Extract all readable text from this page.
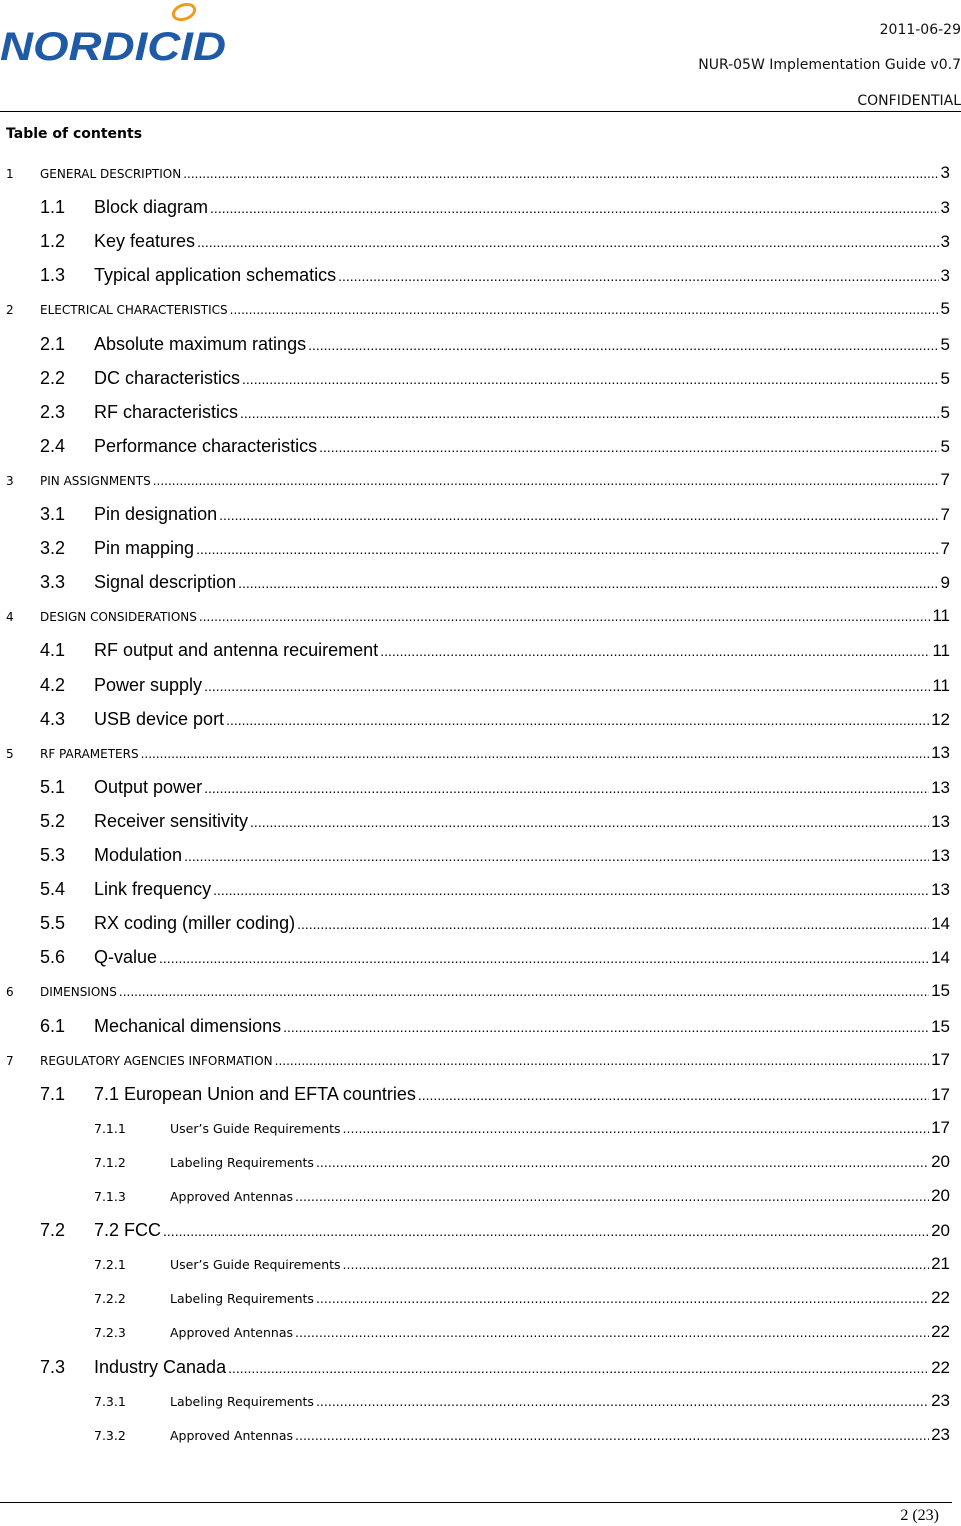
NORDICID	2011-06-29
NUR-05W Implementation Guide v0.7
CONFIDENTIAL
Table of contents
1	GENERAL DESCRIPTION .....	3
1.1	Block diagram .....	3
1.2	Key features .....	3
1.3	Typical application schematics .....	3
2	ELECTRICAL CHARACTERISTICS .....	5
2.1	Absolute maximum ratings .....	5
2.2	DC characteristics .....	5
2.3	RF characteristics .....	5
2.4	Performance characteristics .....	5
3	PIN ASSIGNMENTS .....	7
3.1	Pin designation .....	7
3.2	Pin mapping .....	7
3.3	Signal description .....	9
4	DESIGN CONSIDERATIONS .....	11
4.1	RF output and antenna recuirement .....	11
4.2	Power supply .....	11
4.3	USB device port .....	12
5	RF PARAMETERS .....	13
5.1	Output power .....	13
5.2	Receiver sensitivity .....	13
5.3	Modulation .....	13
5.4	Link frequency .....	13
5.5	RX coding (miller coding) .....	14
5.6	Q-value .....	14
6	DIMENSIONS .....	15
6.1	Mechanical dimensions .....	15
7	REGULATORY AGENCIES INFORMATION .....	17
7.1	7.1 European Union and EFTA countries .....	17
7.1.1	User’s Guide Requirements .....	17
7.1.2	Labeling Requirements .....	20
7.1.3	Approved Antennas .....	20
7.2	7.2 FCC .....	20
7.2.1	User’s Guide Requirements .....	21
7.2.2	Labeling Requirements .....	22
7.2.3	Approved Antennas .....	22
7.3	Industry Canada .....	22
7.3.1	Labeling Requirements .....	23
7.3.2	Approved Antennas .....	23
2 (23)
